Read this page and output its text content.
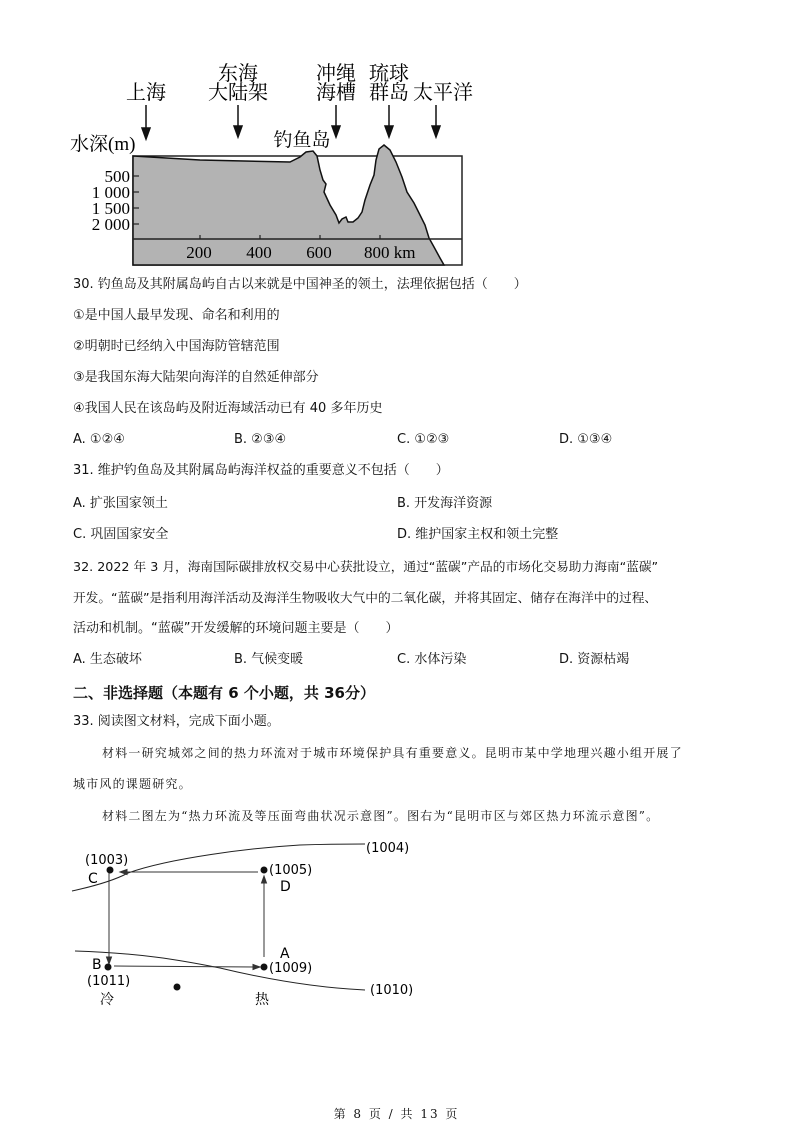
上海
东海
大陆架
冲绳
海槽
琉球
群岛 太平洋
水深(m)	钓鱼岛
500
1 000
1 500
2 000
200 400 600 800 km
30. 钓鱼岛及其附属岛屿自古以来就是中国神圣的领土，法理依据包括（　　）
①是中国人最早发现、命名和利用的
②明朝时已经纳入中国海防管辖范围
③是我国东海大陆架向海洋的自然延伸部分
④我国人民在该岛屿及附近海域活动已有 40 多年历史
A. ①②④	B. ②③④	C. ①②③	D. ①③④
31. 维护钓鱼岛及其附属岛屿海洋权益的重要意义不包括（　　）
A. 扩张国家领土	B. 开发海洋资源
C. 巩固国家安全	D. 维护国家主权和领土完整
32. 2022 年 3 月，海南国际碳排放权交易中心获批设立，通过“蓝碳”产品的市场化交易助力海南“蓝碳”
开发。“蓝碳”是指利用海洋活动及海洋生物吸收大气中的二氧化碳，并将其固定、储存在海洋中的过程、
活动和机制。“蓝碳”开发缓解的环境问题主要是（　　）
A. 生态破坏	B. 气候变暖	C. 水体污染	D. 资源枯竭
二、非选择题（本题有 6 个小题，共 36分）
33. 阅读图文材料，完成下面小题。
材料一研究城郊之间的热力环流对于城市环境保护具有重要意义。昆明市某中学地理兴趣小组开展了
城市风的课题研究。
材料二图左为“热力环流及等压面弯曲状况示意图”。图右为“昆明市区与郊区热力环流示意图”。
(1004)
(1010)
(1003)
C
(1005)
D
B
(1011)
A
(1009)
冷	热
第 8 页 / 共 13 页
